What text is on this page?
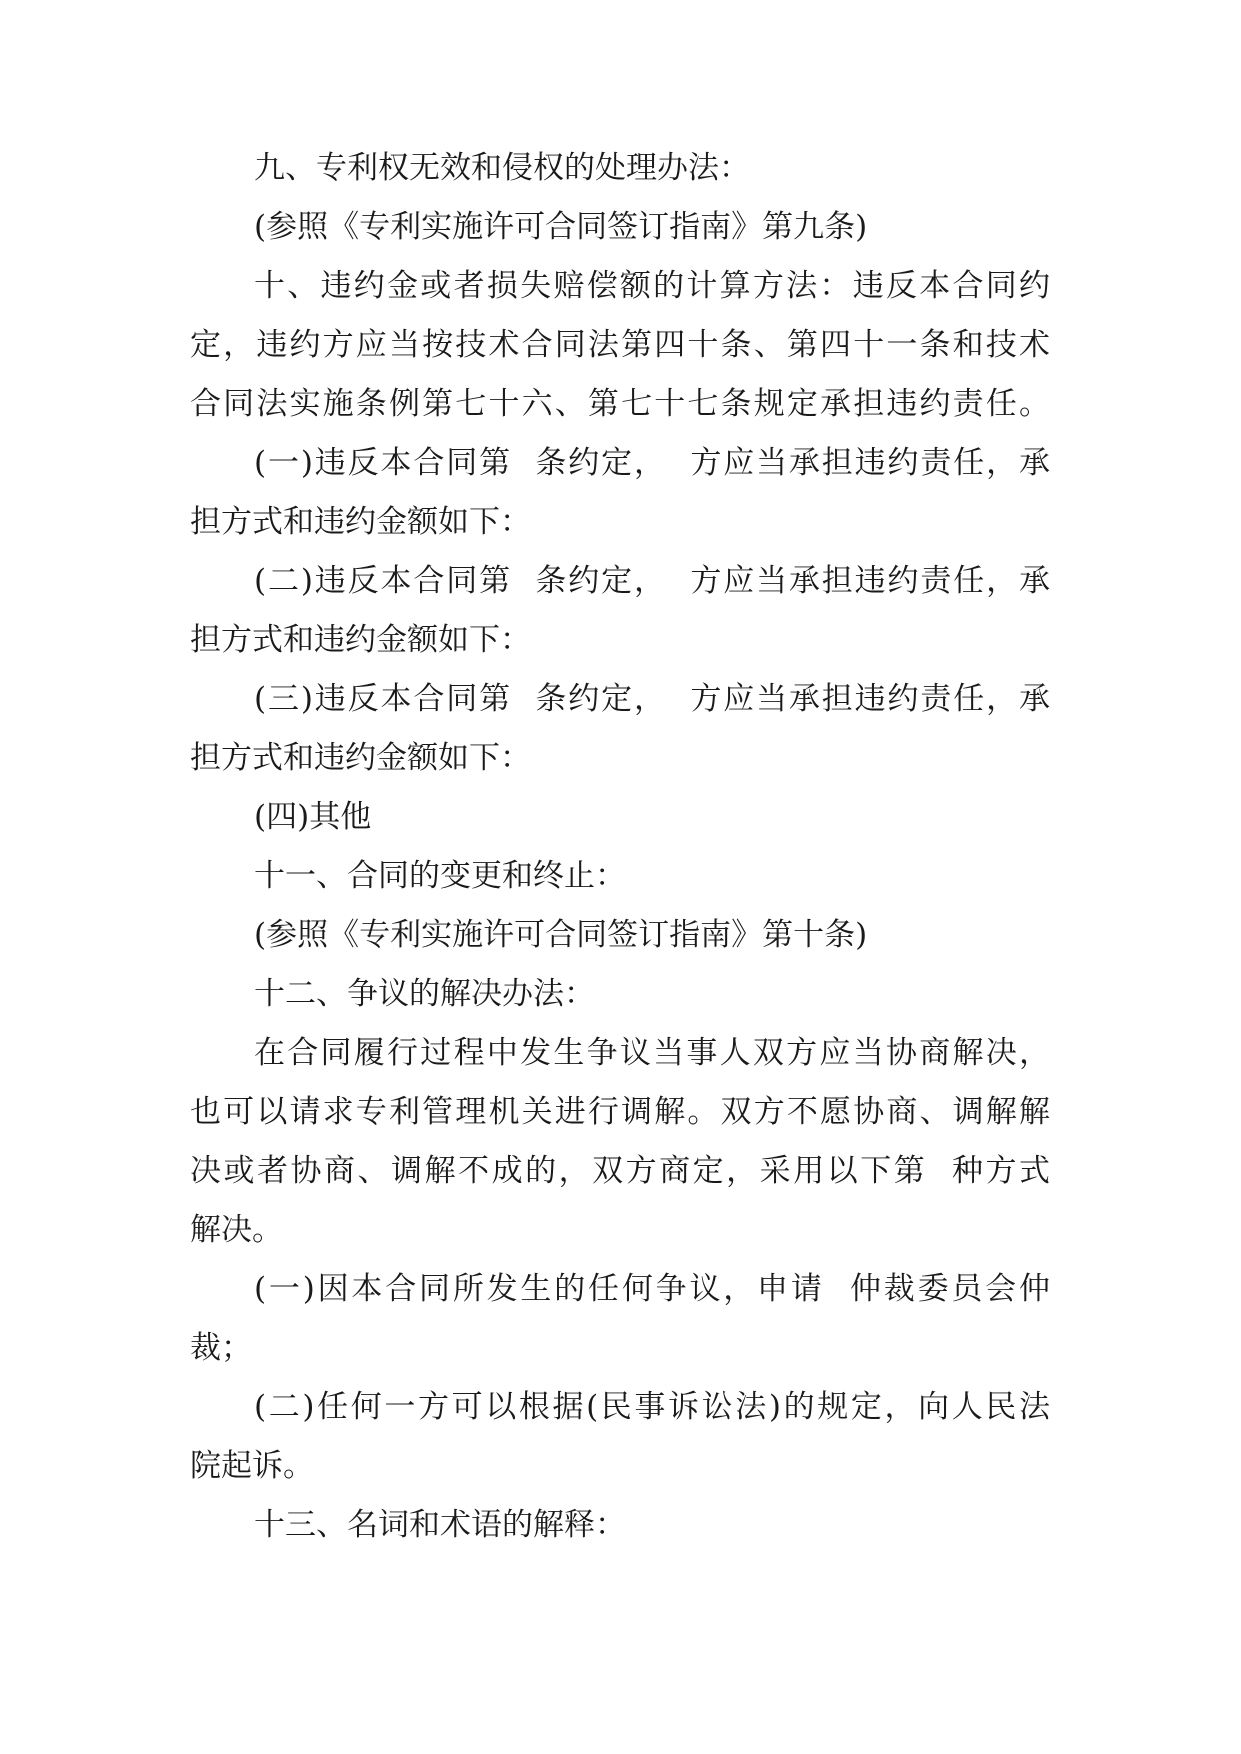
九、专利权无效和侵权的处理办法：
(参照《专利实施许可合同签订指南》第九条)
十、违约金或者损失赔偿额的计算方法：违反本合同约
定，违约方应当按技术合同法第四十条、第四十一条和技术
合同法实施条例第七十六、第七十七条规定承担违约责任。
(一)违反本合同第  条约定，  方应当承担违约责任，承
担方式和违约金额如下：
(二)违反本合同第  条约定，  方应当承担违约责任，承
担方式和违约金额如下：
(三)违反本合同第  条约定，  方应当承担违约责任，承
担方式和违约金额如下：
(四)其他
十一、合同的变更和终止：
(参照《专利实施许可合同签订指南》第十条)
十二、争议的解决办法：
在合同履行过程中发生争议当事人双方应当协商解决，
也可以请求专利管理机关进行调解。双方不愿协商、调解解
决或者协商、调解不成的，双方商定，采用以下第  种方式
解决。
(一)因本合同所发生的任何争议，申请  仲裁委员会仲
裁；
(二)任何一方可以根据(民事诉讼法)的规定，向人民法
院起诉。
十三、名词和术语的解释：
